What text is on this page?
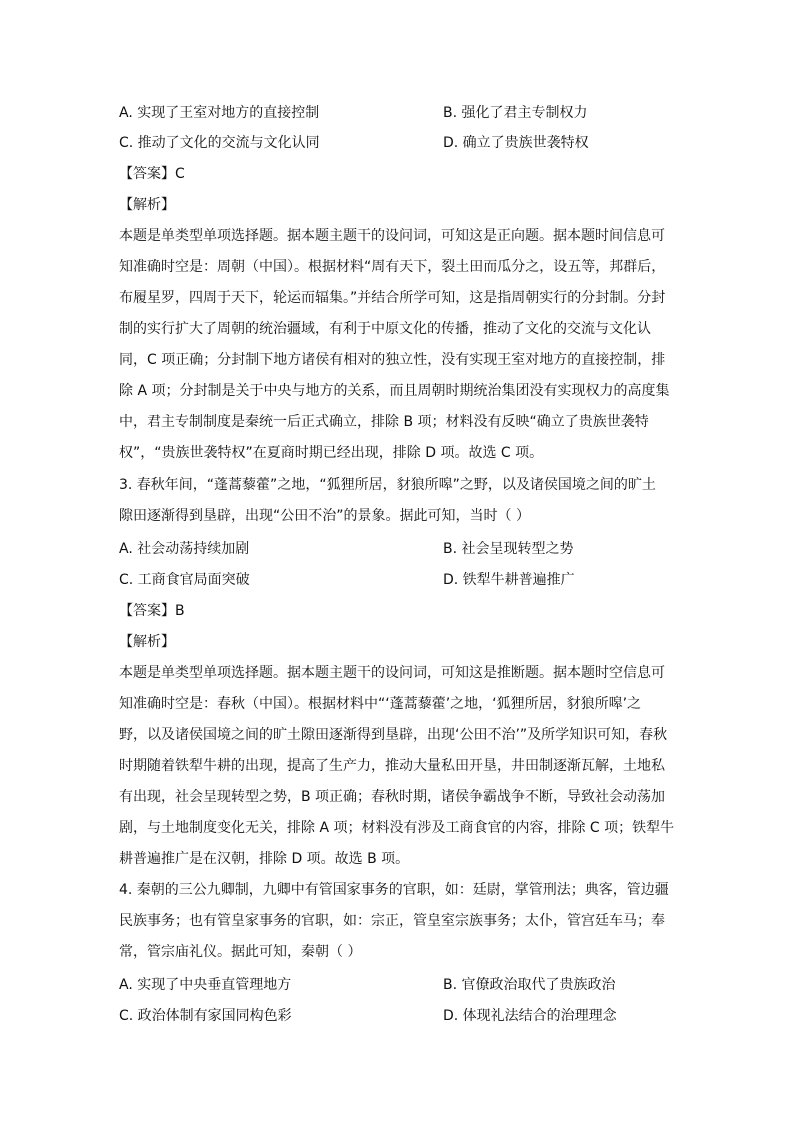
A. 实现了王室对地方的直接控制	B. 强化了君主专制权力
C. 推动了文化的交流与文化认同	D. 确立了贵族世袭特权
【答案】C
【解析】
本题是单类型单项选择题。据本题主题干的设问词，可知这是正向题。据本题时间信息可
知准确时空是：周朝（中国）。根据材料“周有天下，裂土田而瓜分之，设五等，邦群后，
布履星罗，四周于天下，轮运而辐集。”并结合所学可知，这是指周朝实行的分封制。分封
制的实行扩大了周朝的统治疆域，有利于中原文化的传播，推动了文化的交流与文化认
同，C 项正确；分封制下地方诸侯有相对的独立性，没有实现王室对地方的直接控制，排
除 A 项；分封制是关于中央与地方的关系，而且周朝时期统治集团没有实现权力的高度集
中，君主专制制度是秦统一后正式确立，排除 B 项；材料没有反映“确立了贵族世袭特
权”，“贵族世袭特权”在夏商时期已经出现，排除 D 项。故选 C 项。
3. 春秋年间，“蓬蒿藜藿”之地，“狐狸所居，豺狼所嗥”之野，以及诸侯国境之间的旷土
隙田逐渐得到垦辟，出现“公田不治”的景象。据此可知，当时（ ）
A. 社会动荡持续加剧	B. 社会呈现转型之势
C. 工商食官局面突破	D. 铁犁牛耕普遍推广
【答案】B
【解析】
本题是单类型单项选择题。据本题主题干的设问词，可知这是推断题。据本题时空信息可
知准确时空是：春秋（中国）。根据材料中“‘蓬蒿藜藿’之地，‘狐狸所居，豺狼所嗥’之
野，以及诸侯国境之间的旷土隙田逐渐得到垦辟，出现‘公田不治’”及所学知识可知，春秋
时期随着铁犁牛耕的出现，提高了生产力，推动大量私田开垦，井田制逐渐瓦解，土地私
有出现，社会呈现转型之势，B 项正确；春秋时期，诸侯争霸战争不断，导致社会动荡加
剧，与土地制度变化无关，排除 A 项；材料没有涉及工商食官的内容，排除 C 项；铁犁牛
耕普遍推广是在汉朝，排除 D 项。故选 B 项。
4. 秦朝的三公九卿制，九卿中有管国家事务的官职，如：廷尉，掌管刑法；典客，管边疆
民族事务；也有管皇家事务的官职，如：宗正，管皇室宗族事务；太仆，管宫廷车马；奉
常，管宗庙礼仪。据此可知，秦朝（ ）
A. 实现了中央垂直管理地方	B. 官僚政治取代了贵族政治
C. 政治体制有家国同构色彩	D. 体现礼法结合的治理理念
